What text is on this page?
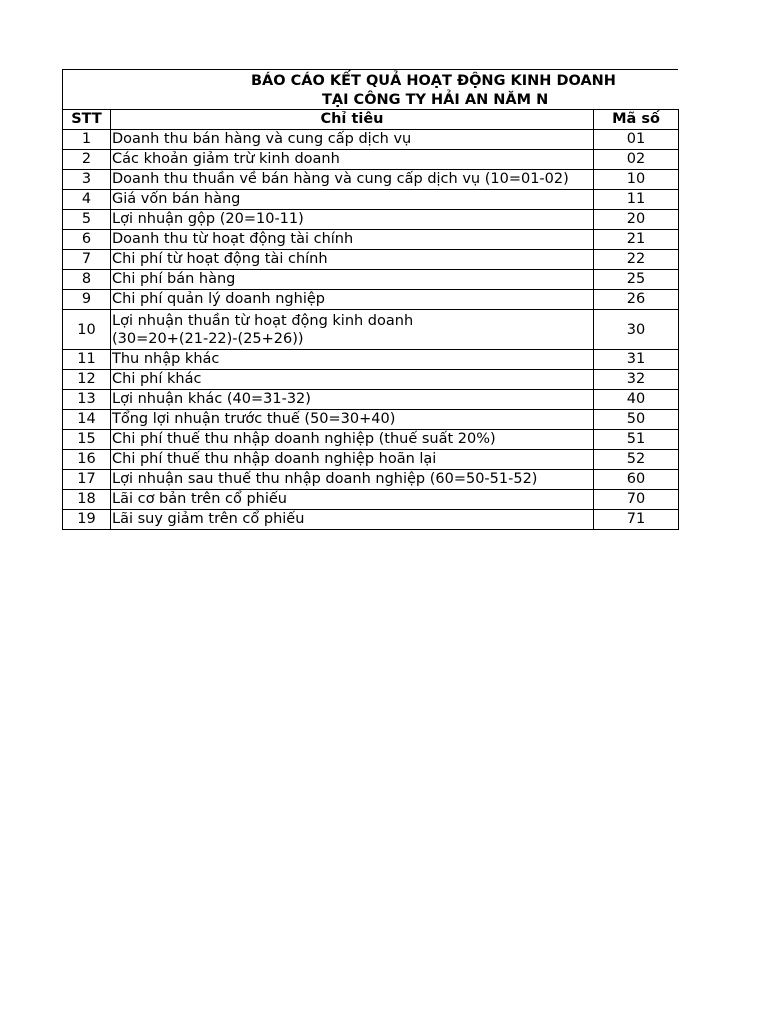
BÁO CÁO KẾT QUẢ HOẠT ĐỘNG KINH DOANH
TẠI CÔNG TY HẢI AN NĂM N
STT	Chỉ tiêu	Mã số
1	Doanh thu bán hàng và cung cấp dịch vụ	01
2	Các khoản giảm trừ kinh doanh	02
3	Doanh thu thuần về bán hàng và cung cấp dịch vụ (10=01-02)	10
4	Giá vốn bán hàng	11
5	Lợi nhuận gộp (20=10-11)	20
6	Doanh thu từ hoạt động tài chính	21
7	Chi phí từ hoạt động tài chính	22
8	Chi phí bán hàng	25
9	Chi phí quản lý doanh nghiệp	26
10	Lợi nhuận thuần từ hoạt động kinh doanh
(30=20+(21-22)-(25+26))	30
11	Thu nhập khác	31
12	Chi phí khác	32
13	Lợi nhuận khác (40=31-32)	40
14	Tổng lợi nhuận trước thuế (50=30+40)	50
15	Chi phí thuế thu nhập doanh nghiệp (thuế suất 20%)	51
16	Chi phí thuế thu nhập doanh nghiệp hoãn lại	52
17	Lợi nhuận sau thuế thu nhập doanh nghiệp (60=50-51-52)	60
18	Lãi cơ bản trên cổ phiếu	70
19	Lãi suy giảm trên cổ phiếu	71
